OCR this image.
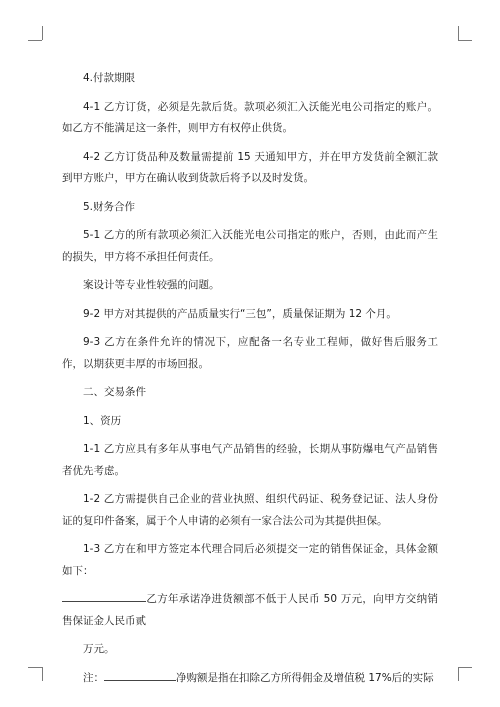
4.付款期限

4-1 乙方订货，必须是先款后货。款项必须汇入沃能光电公司指定的账户。如乙方不能满足这一条件，则甲方有权停止供货。

4-2 乙方订货品种及数量需提前 15 天通知甲方，并在甲方发货前全额汇款到甲方账户，甲方在确认收到货款后将予以及时发货。

5.财务合作

5-1 乙方的所有款项必须汇入沃能光电公司指定的账户，否则，由此而产生的损失，甲方将不承担任何责任。

案设计等专业性较强的问题。

9-2 甲方对其提供的产品质量实行“三包”，质量保证期为 12 个月。

9-3 乙方在条件允许的情况下，应配备一名专业工程师，做好售后服务工作，以期获更丰厚的市场回报。

二、交易条件

1、资历

1-1 乙方应具有多年从事电气产品销售的经验，长期从事防爆电气产品销售者优先考虑。

1-2 乙方需提供自己企业的营业执照、组织代码证、税务登记证、法人身份证的复印件备案，属于个人申请的必须有一家合法公司为其提供担保。

1-3 乙方在和甲方签定本代理合同后必须提交一定的销售保证金，具体金额如下：

乙方年承诺净进货额部不低于人民币 50 万元，向甲方交纳销售保证金人民币贰

万元。

注：	净购额是指在扣除乙方所得佣金及增值税 17%后的实际
